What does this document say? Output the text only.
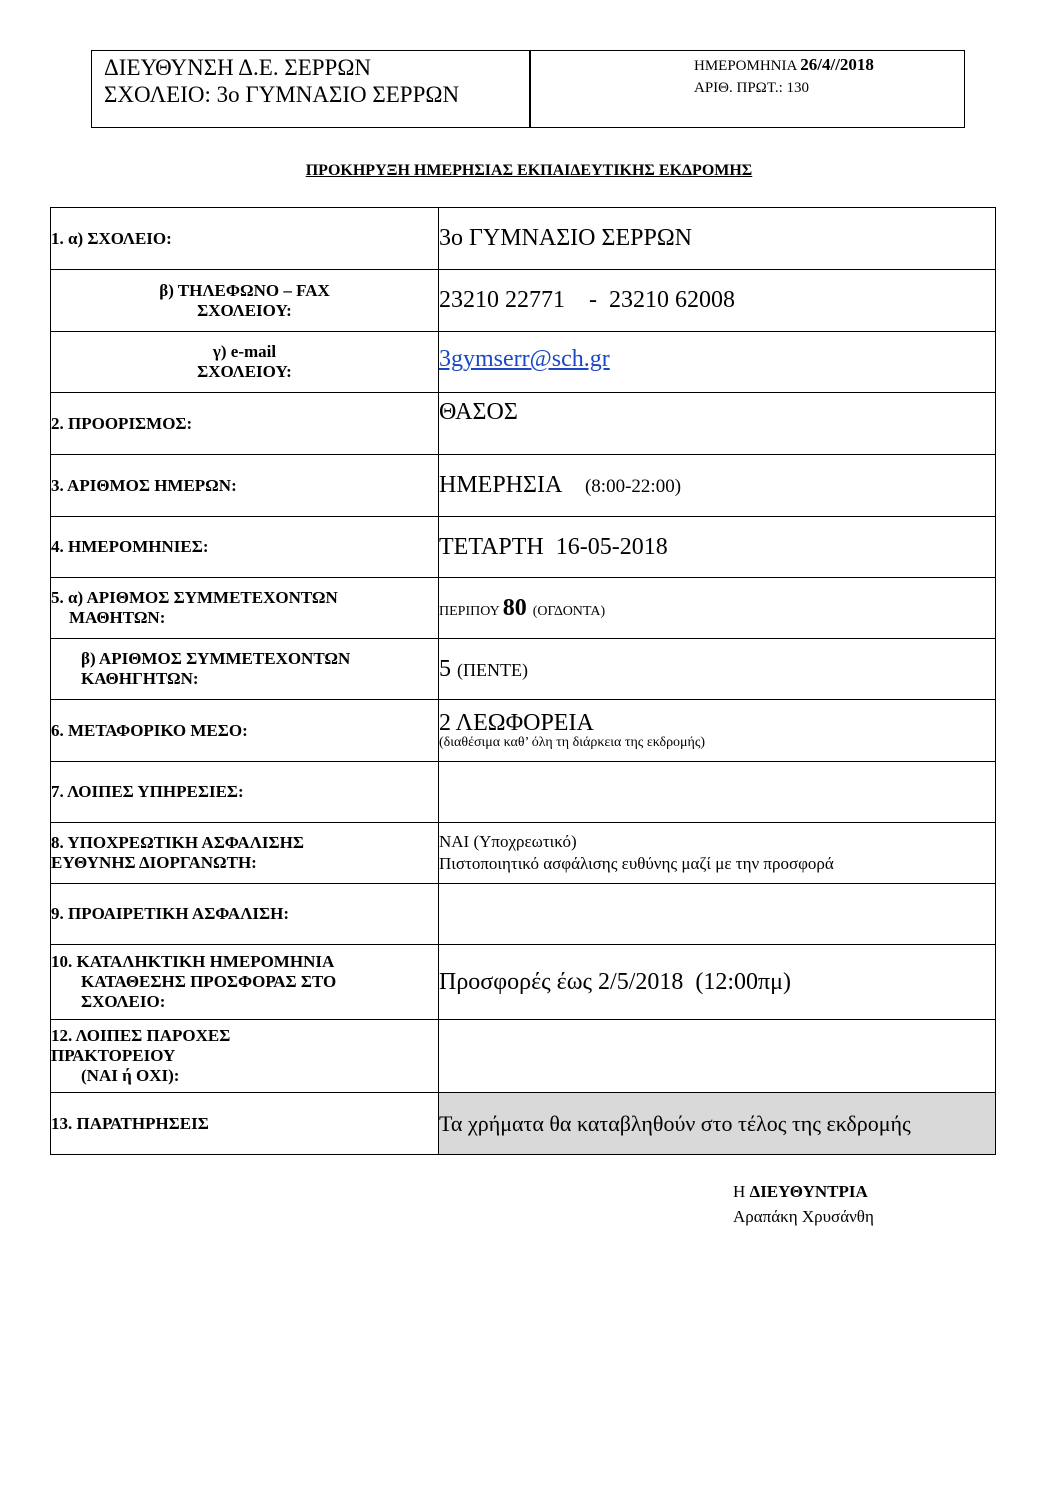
ΔΙΕΥΘΥΝΣΗ Δ.Ε. ΣΕΡΡΩΝ
ΣΧΟΛΕΙΟ: 3ο ΓΥΜΝΑΣΙΟ ΣΕΡΡΩΝ
ΗΜΕΡΟΜΗΝΙΑ 26/4//2018
ΑΡΙΘ. ΠΡΩΤ.: 130
ΠΡΟΚΗΡΥΞΗ ΗΜΕΡΗΣΙΑΣ ΕΚΠΑΙΔΕΥΤΙΚΗΣ ΕΚΔΡΟΜΗΣ
1. α) ΣΧΟΛΕΙΟ:	3ο ΓΥΜΝΑΣΙΟ ΣΕΡΡΩΝ

β) ΤΗΛΕΦΩΝΟ – FAX
ΣΧΟΛΕΙΟΥ:	23210 22771    -  23210 62008

γ) e-mail
ΣΧΟΛΕΙΟΥ:	3gymserr@sch.gr
2. ΠΡΟΟΡΙΣΜΟΣ:	ΘΑΣΟΣ
3. ΑΡΙΘΜΟΣ ΗΜΕΡΩΝ:	ΗΜΕΡΗΣΙΑ (8:00-22:00)
4. ΗΜΕΡΟΜΗΝΙΕΣ:	ΤΕΤΑΡΤΗ  16-05-2018

5. α) ΑΡΙΘΜΟΣ ΣΥΜΜΕΤΕΧΟΝΤΩΝ
ΜΑΘΗΤΩΝ:	ΠΕΡΙΠΟΥ 80 (ΟΓΔΟΝΤΑ)

β) ΑΡΙΘΜΟΣ ΣΥΜΜΕΤΕΧΟΝΤΩΝ
ΚΑΘΗΓΗΤΩΝ:	5 (ΠΕΝΤΕ)
6. ΜΕΤΑΦΟΡΙΚΟ ΜΕΣΟ:	2 ΛΕΩΦΟΡΕΙΑ
(διαθέσιμα καθ’ όλη τη διάρκεια της εκδρομής)

7. ΛΟΙΠΕΣ ΥΠΗΡΕΣΙΕΣ:	

8. ΥΠΟΧΡΕΩΤΙΚΗ ΑΣΦΑΛΙΣΗΣ
ΕΥΘΥΝΗΣ ΔΙΟΡΓΑΝΩΤΗ:	ΝΑΙ (Υποχρεωτικό)
Πιστοποιητικό ασφάλισης ευθύνης μαζί με την προσφορά

9. ΠΡΟΑΙΡΕΤΙΚΗ ΑΣΦΑΛΙΣΗ:	

10. ΚΑΤΑΛΗΚΤΙΚΗ ΗΜΕΡΟΜΗΝΙΑ
ΚΑΤΑΘΕΣΗΣ ΠΡΟΣΦΟΡΑΣ ΣΤΟ
ΣΧΟΛΕΙΟ:	Προσφορές έως 2/5/2018  (12:00πμ)

12. ΛΟΙΠΕΣ ΠΑΡΟΧΕΣ
ΠΡΑΚΤΟΡΕΙΟΥ
(ΝΑΙ ή ΟΧΙ):	

13. ΠΑΡΑΤΗΡΗΣΕΙΣ	Τα χρήματα θα καταβληθούν στο τέλος της εκδρομής
Η ΔΙΕΥΘΥΝΤΡΙΑ
Αραπάκη Χρυσάνθη
